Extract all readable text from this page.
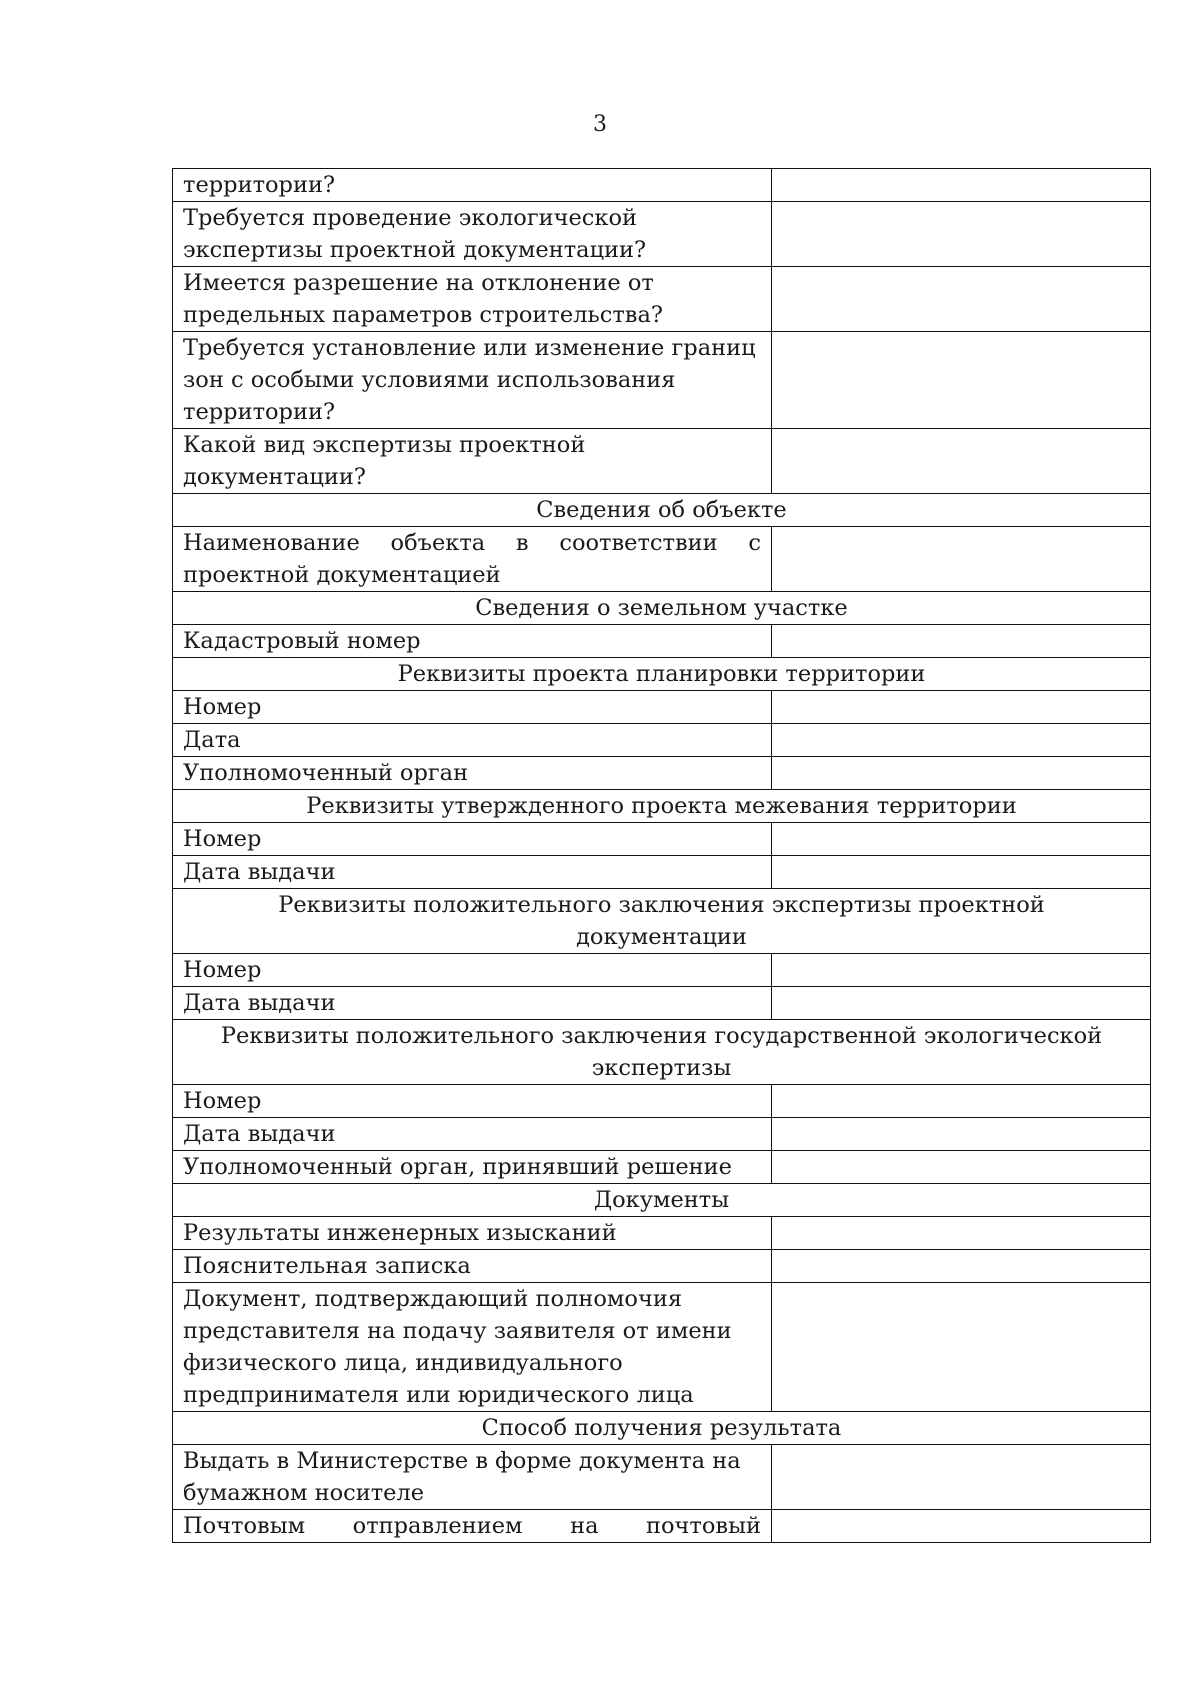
3
территории?	
Требуется проведение экологической экспертизы проектной документации?	
Имеется разрешение на отклонение от предельных параметров строительства?	
Требуется установление или изменение границ зон с особыми условиями использования территории?	
Какой вид экспертизы проектной документации?	
Сведения об объекте	
Наименование объекта в соответствии с проектной документацией	
Сведения о земельном участке	
Кадастровый номер	
Реквизиты проекта планировки территории	
Номер	
Дата	
Уполномоченный орган	
Реквизиты утвержденного проекта межевания территории	
Номер	
Дата выдачи	
Реквизиты положительного заключения экспертизы проектной документации	
Номер	
Дата выдачи	
Реквизиты положительного заключения государственной экологической экспертизы	
Номер	
Дата выдачи	
Уполномоченный орган, принявший решение	
Документы	
Результаты инженерных изысканий	
Пояснительная записка	
Документ, подтверждающий полномочия представителя на подачу заявителя от имени физического лица, индивидуального предпринимателя или юридического лица	
Способ получения результата	
Выдать в Министерстве в форме документа на бумажном носителе	
Почтовым отправлением на почтовый	
